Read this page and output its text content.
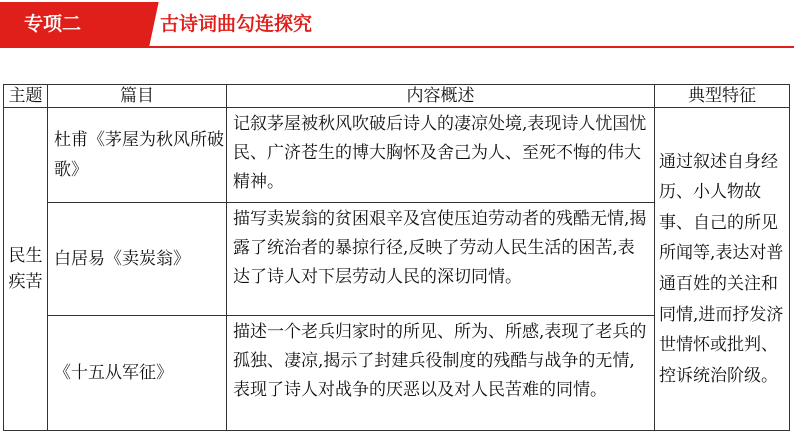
专项二	古诗词曲勾连探究
主题	篇目	内容概述	典型特征
民生疾苦	杜甫《茅屋为秋风所破歌》	记叙茅屋被秋风吹破后诗人的凄凉处境,表现诗人忧国忧民、广济苍生的博大胸怀及舍己为人、至死不悔的伟大精神。	通过叙述自身经历、小人物故事、自己的所见所闻等,表达对普通百姓的关注和同情,进而抒发济世情怀或批判、控诉统治阶级。
	白居易《卖炭翁》	描写卖炭翁的贫困艰辛及宫使压迫劳动者的残酷无情,揭露了统治者的暴掠行径,反映了劳动人民生活的困苦,表达了诗人对下层劳动人民的深切同情。	
	《十五从军征》	描述一个老兵归家时的所见、所为、所感,表现了老兵的孤独、凄凉,揭示了封建兵役制度的残酷与战争的无情,表现了诗人对战争的厌恶以及对人民苦难的同情。	
